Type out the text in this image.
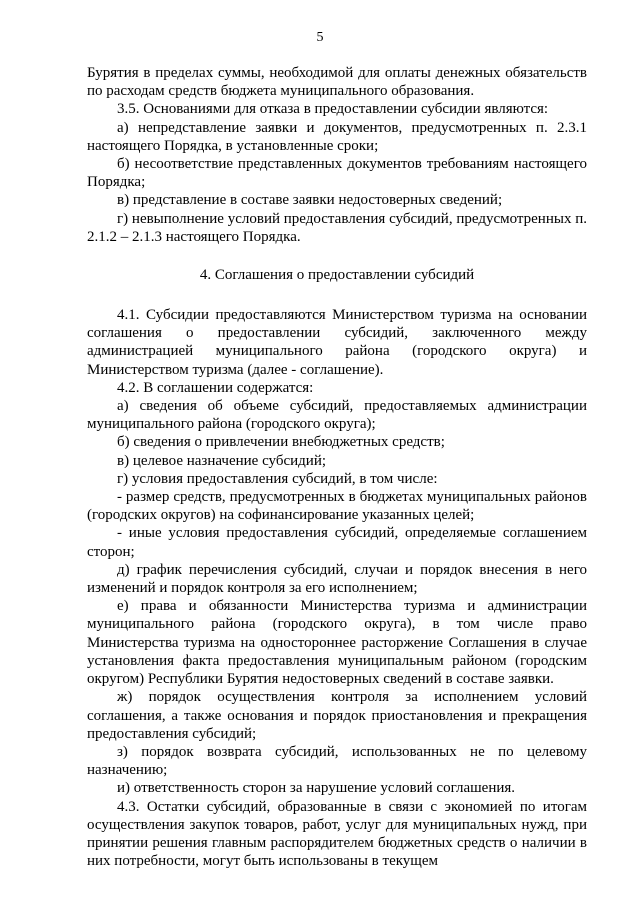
5

Бурятия в пределах суммы, необходимой для оплаты денежных обязательств по расходам средств бюджета муниципального образования.

3.5. Основаниями для отказа в предоставлении субсидии являются:

а) непредставление заявки и документов, предусмотренных п. 2.3.1 настоящего Порядка, в установленные сроки;

б) несоответствие представленных документов требованиям настоящего Порядка;

в) представление в составе заявки недостоверных сведений;

г) невыполнение условий предоставления субсидий, предусмотренных п. 2.1.2 – 2.1.3 настоящего Порядка.

4. Соглашения о предоставлении субсидий

4.1. Субсидии предоставляются Министерством туризма на основании соглашения о предоставлении субсидий, заключенного между администрацией муниципального района (городского округа) и Министерством туризма (далее - соглашение).

4.2. В соглашении содержатся:

а) сведения об объеме субсидий, предоставляемых администрации муниципального района (городского округа);

б) сведения о привлечении внебюджетных средств;

в) целевое назначение субсидий;

г) условия предоставления субсидий, в том числе:

- размер средств, предусмотренных в бюджетах муниципальных районов (городских округов) на софинансирование указанных целей;

- иные условия предоставления субсидий, определяемые соглашением сторон;

д) график перечисления субсидий, случаи и порядок внесения в него изменений и порядок контроля за его исполнением;

е) права и обязанности Министерства туризма и администрации муниципального района (городского округа), в том числе право Министерства туризма на одностороннее расторжение Соглашения в случае установления факта предоставления муниципальным районом (городским округом) Республики Бурятия недостоверных сведений в составе заявки.

ж) порядок осуществления контроля за исполнением условий соглашения, а также основания и порядок приостановления и прекращения предоставления субсидий;

з) порядок возврата субсидий, использованных не по целевому назначению;

и) ответственность сторон за нарушение условий соглашения.

4.3. Остатки субсидий, образованные в связи с экономией по итогам осуществления закупок товаров, работ, услуг для муниципальных нужд, при принятии решения главным распорядителем бюджетных средств о наличии в них потребности, могут быть использованы в текущем
